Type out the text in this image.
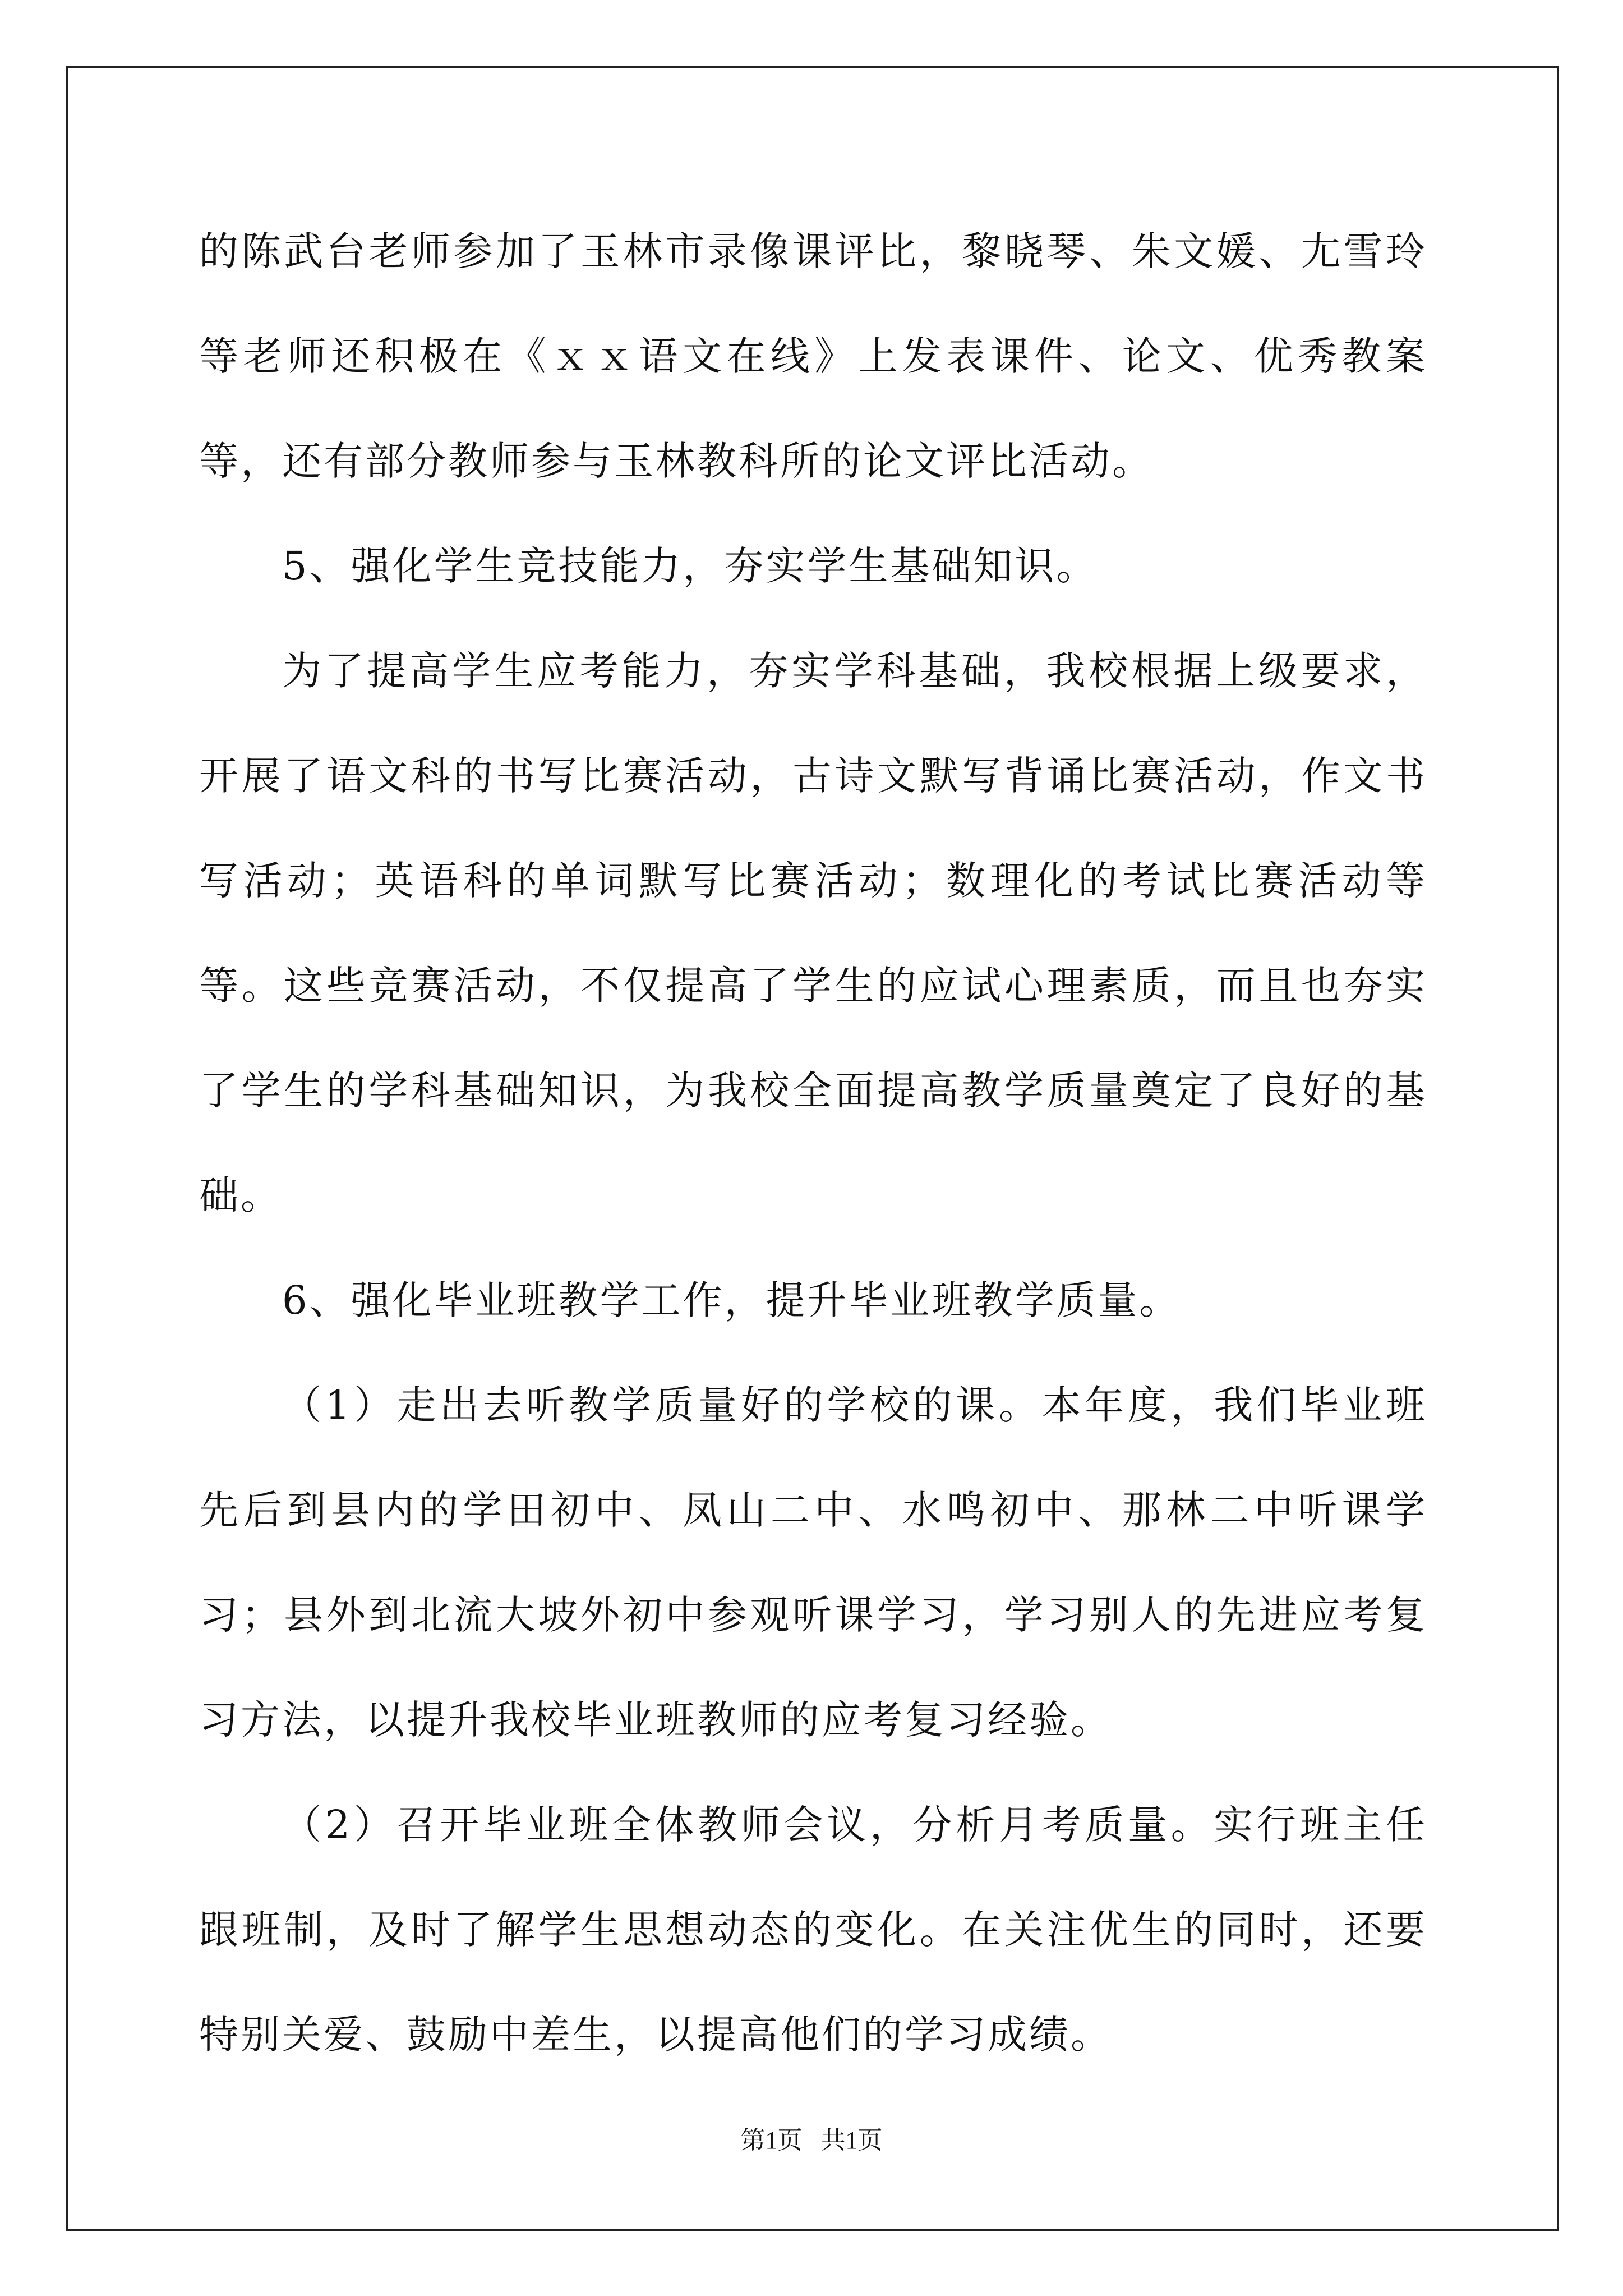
的陈武台老师参加了玉林市录像课评比，黎晓琴、朱文媛、尢雪玲等老师还积极在《ｘｘ语文在线》上发表课件、论文、优秀教案等，还有部分教师参与玉林教科所的论文评比活动。

5、强化学生竞技能力，夯实学生基础知识。

为了提高学生应考能力，夯实学科基础，我校根据上级要求，开展了语文科的书写比赛活动，古诗文默写背诵比赛活动，作文书写活动；英语科的单词默写比赛活动；数理化的考试比赛活动等等。这些竞赛活动，不仅提高了学生的应试心理素质，而且也夯实了学生的学科基础知识，为我校全面提高教学质量奠定了良好的基础。

6、强化毕业班教学工作，提升毕业班教学质量。

（1）走出去听教学质量好的学校的课。本年度，我们毕业班先后到县内的学田初中、凤山二中、水鸣初中、那林二中听课学习；县外到北流大坡外初中参观听课学习，学习别人的先进应考复习方法，以提升我校毕业班教师的应考复习经验。

（2）召开毕业班全体教师会议，分析月考质量。实行班主任跟班制，及时了解学生思想动态的变化。在关注优生的同时，还要特别关爱、鼓励中差生，以提高他们的学习成绩。

第1页   共1页
